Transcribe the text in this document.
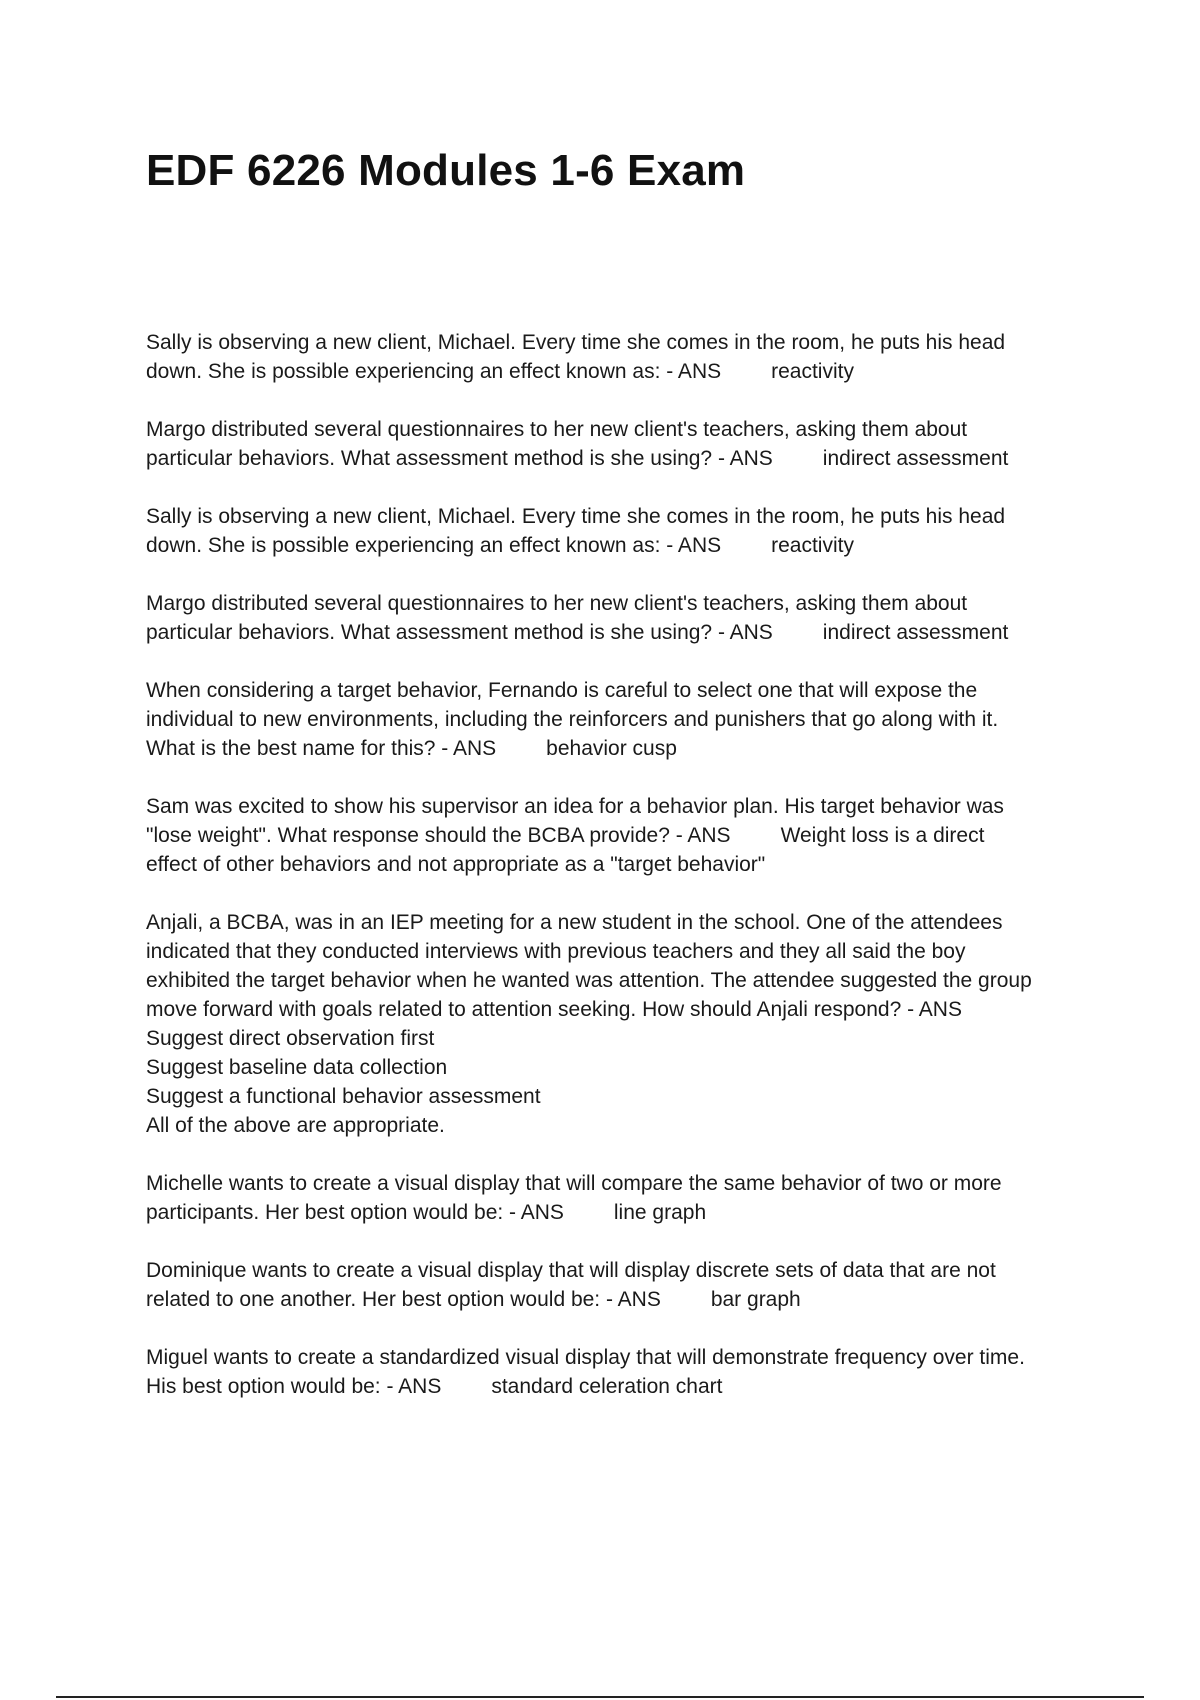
EDF 6226 Modules 1-6 Exam
Sally is observing a new client, Michael. Every time she comes in the room, he puts his head
down. She is possible experiencing an effect known as: - ANS reactivity
Margo distributed several questionnaires to her new client's teachers, asking them about
particular behaviors. What assessment method is she using? - ANS indirect assessment
Sally is observing a new client, Michael. Every time she comes in the room, he puts his head
down. She is possible experiencing an effect known as: - ANS reactivity
Margo distributed several questionnaires to her new client's teachers, asking them about
particular behaviors. What assessment method is she using? - ANS indirect assessment
When considering a target behavior, Fernando is careful to select one that will expose the
individual to new environments, including the reinforcers and punishers that go along with it.
What is the best name for this? - ANS behavior cusp
Sam was excited to show his supervisor an idea for a behavior plan. His target behavior was
"lose weight". What response should the BCBA provide? - ANS Weight loss is a direct
effect of other behaviors and not appropriate as a "target behavior"
Anjali, a BCBA, was in an IEP meeting for a new student in the school. One of the attendees
indicated that they conducted interviews with previous teachers and they all said the boy
exhibited the target behavior when he wanted was attention. The attendee suggested the group
move forward with goals related to attention seeking. How should Anjali respond? - ANS
Suggest direct observation first
Suggest baseline data collection
Suggest a functional behavior assessment
All of the above are appropriate.
Michelle wants to create a visual display that will compare the same behavior of two or more
participants. Her best option would be: - ANS line graph
Dominique wants to create a visual display that will display discrete sets of data that are not
related to one another. Her best option would be: - ANS bar graph
Miguel wants to create a standardized visual display that will demonstrate frequency over time.
His best option would be: - ANS standard celeration chart
